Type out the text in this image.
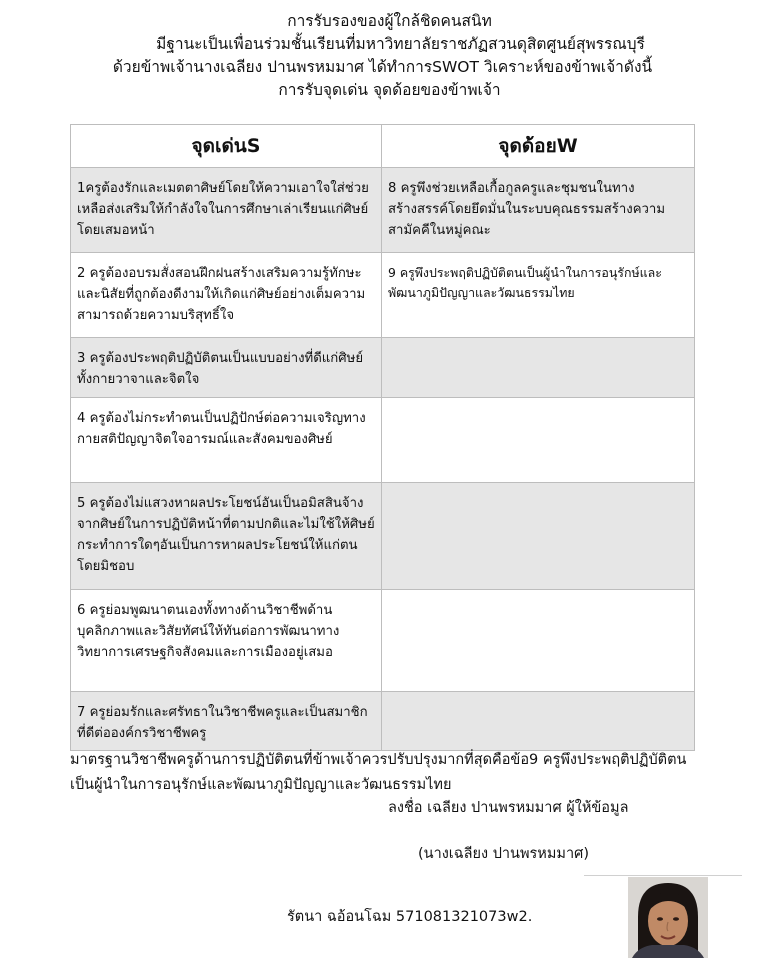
การรับรองของผู้ใกล้ชิดคนสนิท
มีฐานะเป็นเพื่อนร่วมชั้นเรียนที่มหาวิทยาลัยราชภัฏสวนดุสิตศูนย์สุพรรณบุรี
ด้วยข้าพเจ้านางเฉลียง ปานพรหมมาศ ได้ทำการSWOT วิเคราะห์ของข้าพเจ้าดังนี้
การรับจุดเด่น จุดด้อยของข้าพเจ้า
จุดเด่นS	จุดด้อยW

1ครูต้องรักและเมตตาศิษย์โดยให้ความเอาใจใส่ช่วยเหลือส่งเสริมให้กำลังใจในการศึกษาเล่าเรียนแก่ศิษย์โดยเสมอหน้า	8 ครูพึงช่วยเหลือเกื้อกูลครูและชุมชนในทางสร้างสรรค์โดยยึดมั่นในระบบคุณธรรมสร้างความสามัคคีในหมู่คณะ

2 ครูต้องอบรมสั่งสอนฝึกฝนสร้างเสริมความรู้ทักษะและนิสัยที่ถูกต้องดีงามให้เกิดแก่ศิษย์อย่างเต็มความสามารถด้วยความบริสุทธิ์ใจ	9 ครูพึงประพฤติปฏิบัติตนเป็นผู้นำในการอนุรักษ์และพัฒนาภูมิปัญญาและวัฒนธรรมไทย

3 ครูต้องประพฤติปฏิบัติตนเป็นแบบอย่างที่ดีแก่ศิษย์ทั้งกายวาจาและจิตใจ	

4 ครูต้องไม่กระทำตนเป็นปฏิปักษ์ต่อความเจริญทางกายสติปัญญาจิตใจอารมณ์และสังคมของศิษย์	

5 ครูต้องไม่แสวงหาผลประโยชน์อันเป็นอมิสสินจ้างจากศิษย์ในการปฏิบัติหน้าที่ตามปกติและไม่ใช้ให้ศิษย์กระทำการใดๆอันเป็นการหาผลประโยชน์ให้แก่ตนโดยมิชอบ	

6 ครูย่อมพูฒนาตนเองทั้งทางด้านวิชาชีพด้านบุคลิกภาพและวิสัยทัศน์ให้ทันต่อการพัฒนาทางวิทยาการเศรษฐกิจสังคมและการเมืองอยู่เสมอ	

7 ครูย่อมรักและศรัทธาในวิชาชีพครูและเป็นสมาชิกที่ดีต่อองค์กรวิชาชีพครู	

มาตรฐานวิชาชีพครูด้านการปฏิบัติตนที่ข้าพเจ้าควรปรับปรุงมากที่สุดคือข้อ9 ครูพึงประพฤติปฏิบัติตนเป็นผู้นำในการอนุรักษ์และพัฒนาภูมิปัญญาและวัฒนธรรมไทย
ลงชื่อ เฉลียง ปานพรหมมาศ ผู้ให้ข้อมูล
(นางเฉลียง ปานพรหมมาศ)
รัตนา ฉอ้อนโฉม 571081321073w2.
